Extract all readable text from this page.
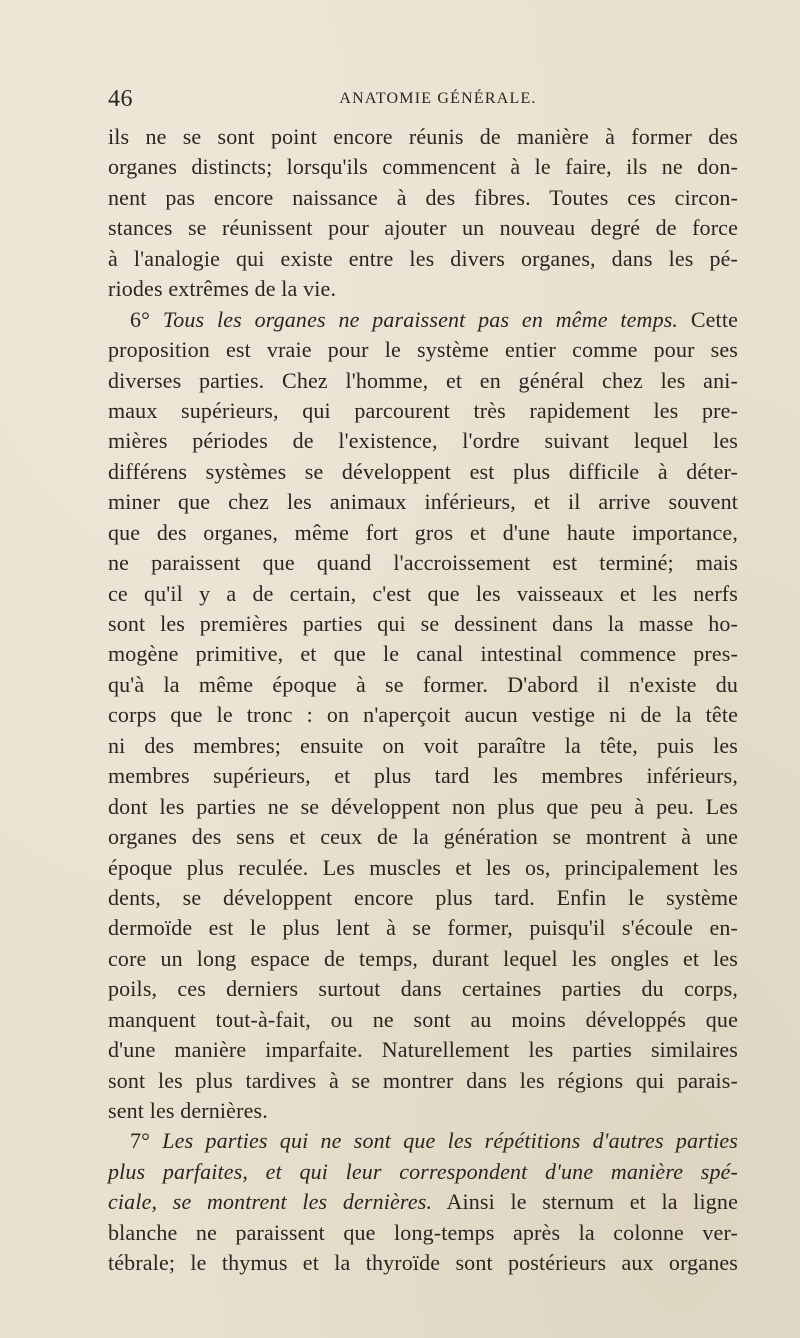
46	ANATOMIE GÉNÉRALE.
ils ne se sont point encore réunis de manière à former des
organes distincts; lorsqu'ils commencent à le faire, ils ne don-
nent pas encore naissance à des fibres. Toutes ces circon-
stances se réunissent pour ajouter un nouveau degré de force
à l'analogie qui existe entre les divers organes, dans les pé-
riodes extrêmes de la vie.
6° Tous les organes ne paraissent pas en même temps. Cette
proposition est vraie pour le système entier comme pour ses
diverses parties. Chez l'homme, et en général chez les ani-
maux supérieurs, qui parcourent très rapidement les pre-
mières périodes de l'existence, l'ordre suivant lequel les
différens systèmes se développent est plus difficile à déter-
miner que chez les animaux inférieurs, et il arrive souvent
que des organes, même fort gros et d'une haute importance,
ne paraissent que quand l'accroissement est terminé; mais
ce qu'il y a de certain, c'est que les vaisseaux et les nerfs
sont les premières parties qui se dessinent dans la masse ho-
mogène primitive, et que le canal intestinal commence pres-
qu'à la même époque à se former. D'abord il n'existe du
corps que le tronc : on n'aperçoit aucun vestige ni de la tête
ni des membres; ensuite on voit paraître la tête, puis les
membres supérieurs, et plus tard les membres inférieurs,
dont les parties ne se développent non plus que peu à peu. Les
organes des sens et ceux de la génération se montrent à une
époque plus reculée. Les muscles et les os, principalement les
dents, se développent encore plus tard. Enfin le système
dermoïde est le plus lent à se former, puisqu'il s'écoule en-
core un long espace de temps, durant lequel les ongles et les
poils, ces derniers surtout dans certaines parties du corps,
manquent tout-à-fait, ou ne sont au moins développés que
d'une manière imparfaite. Naturellement les parties similaires
sont les plus tardives à se montrer dans les régions qui parais-
sent les dernières.
7° Les parties qui ne sont que les répétitions d'autres parties
plus parfaites, et qui leur correspondent d'une manière spé-
ciale, se montrent les dernières. Ainsi le sternum et la ligne
blanche ne paraissent que long-temps après la colonne ver-
tébrale; le thymus et la thyroïde sont postérieurs aux organes
